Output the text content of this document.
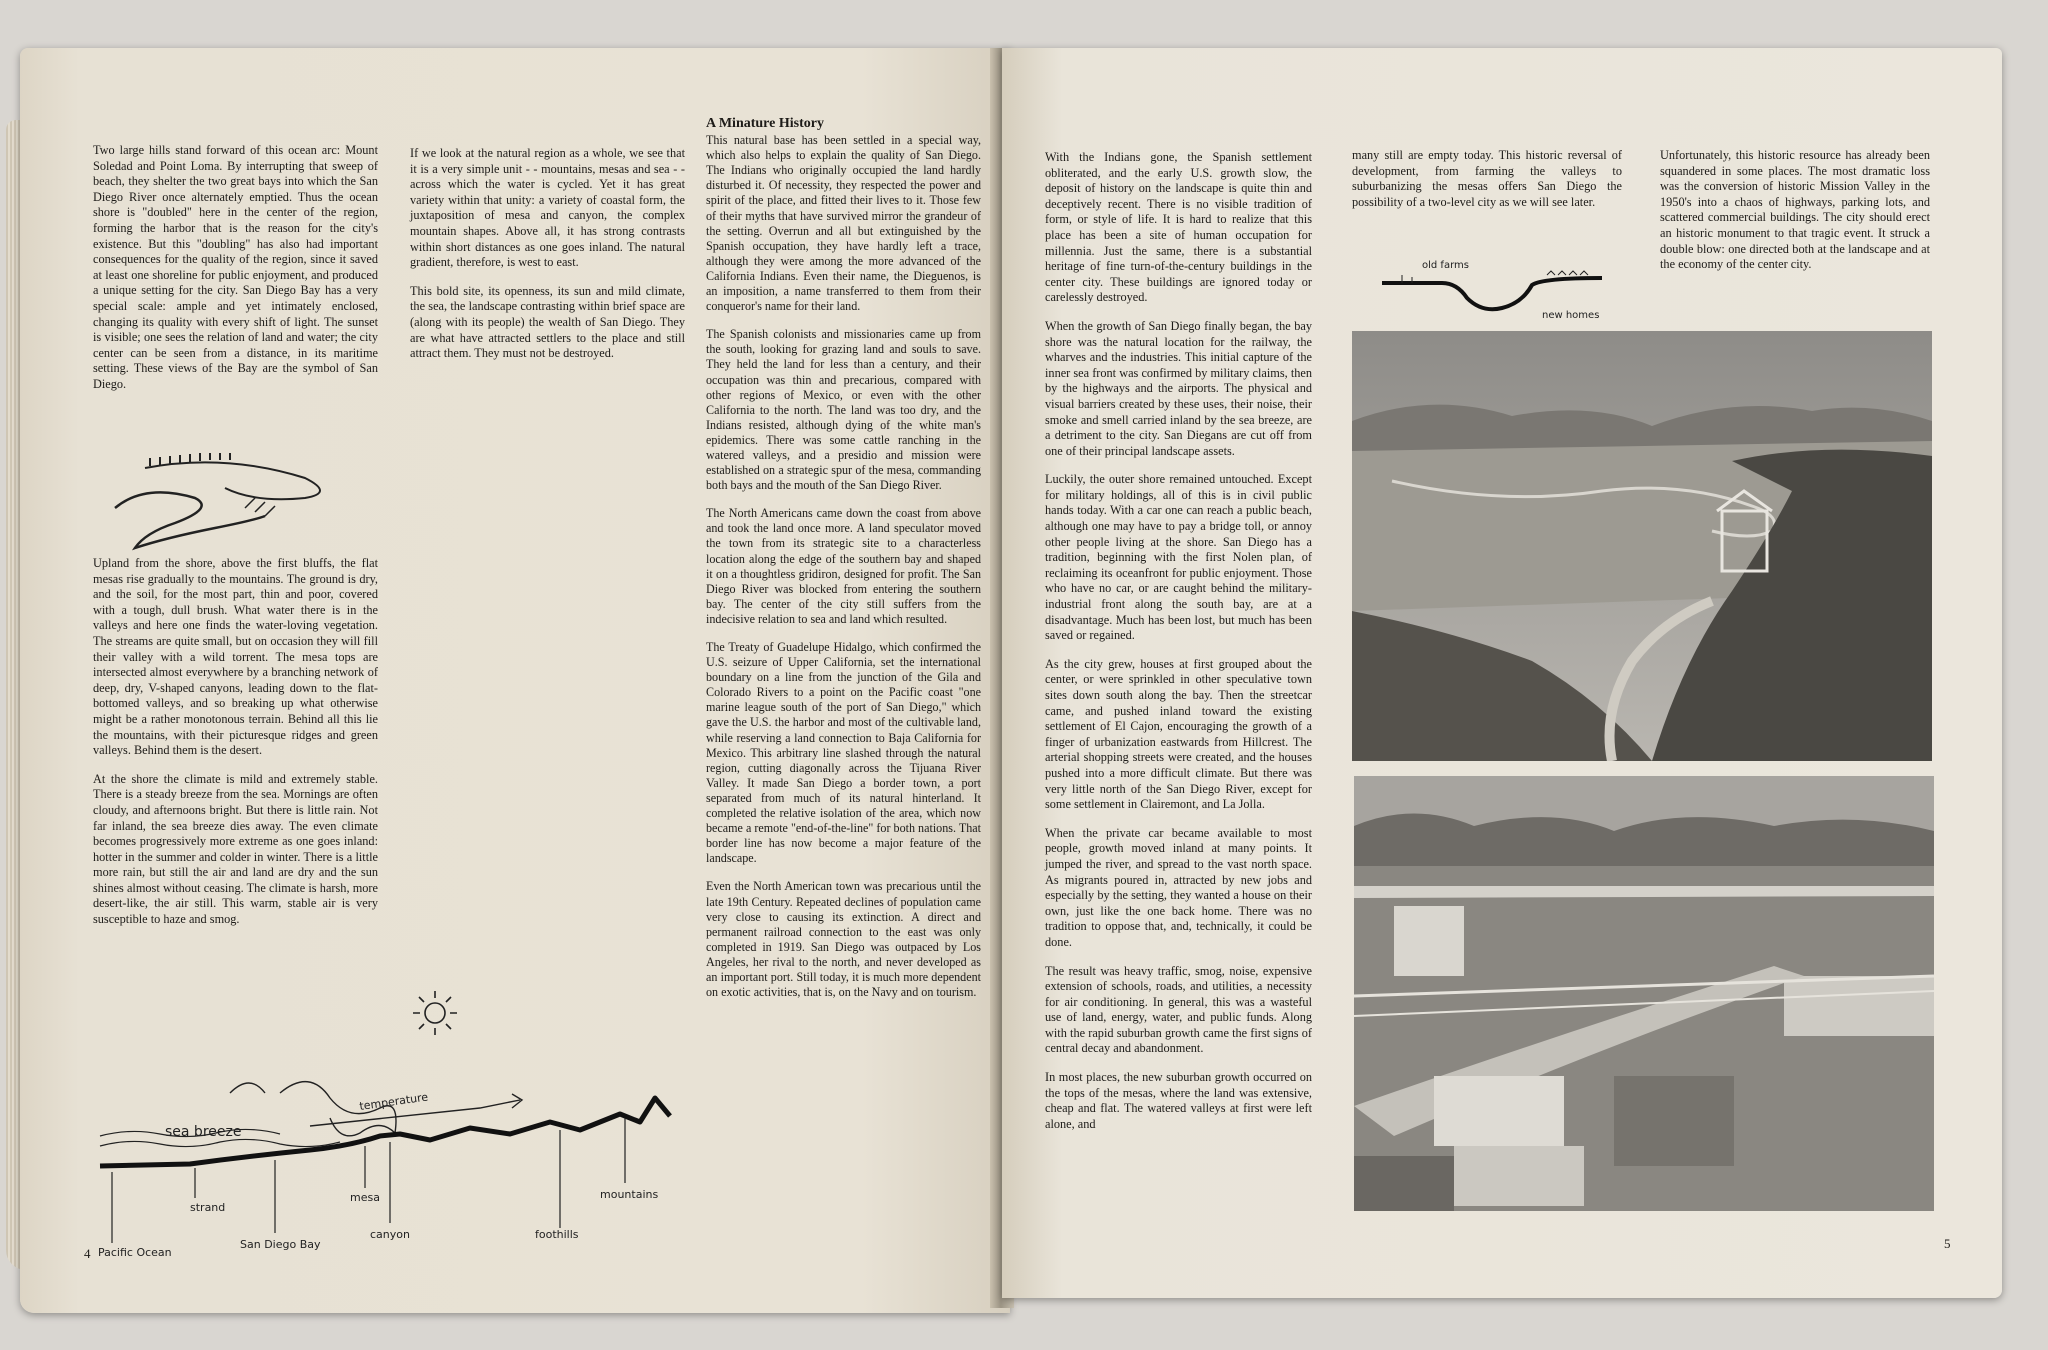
Two large hills stand forward of this ocean arc: Mount Soledad and Point Loma. By interrupting that sweep of beach, they shelter the two great bays into which the San Diego River once alternately emptied. Thus the ocean shore is "doubled" here in the center of the region, forming the harbor that is the reason for the city's existence. But this "doubling" has also had important consequences for the quality of the region, since it saved at least one shoreline for public enjoyment, and produced a unique setting for the city. San Diego Bay has a very special scale: ample and yet intimately enclosed, changing its quality with every shift of light. The sunset is visible; one sees the relation of land and water; the city center can be seen from a distance, in its maritime setting. These views of the Bay are the symbol of San Diego.

Upland from the shore, above the first bluffs, the flat mesas rise gradually to the mountains. The ground is dry, and the soil, for the most part, thin and poor, covered with a tough, dull brush. What water there is in the valleys and here one finds the water-loving vegetation. The streams are quite small, but on occasion they will fill their valley with a wild torrent. The mesa tops are intersected almost everywhere by a branching network of deep, dry, V-shaped canyons, leading down to the flat-bottomed valleys, and so breaking up what otherwise might be a rather monotonous terrain. Behind all this lie the mountains, with their picturesque ridges and green valleys. Behind them is the desert.

At the shore the climate is mild and extremely stable. There is a steady breeze from the sea. Mornings are often cloudy, and afternoons bright. But there is little rain. Not far inland, the sea breeze dies away. The even climate becomes progressively more extreme as one goes inland: hotter in the summer and colder in winter. There is a little more rain, but still the air and land are dry and the sun shines almost without ceasing. The climate is harsh, more desert-like, the air still. This warm, stable air is very susceptible to haze and smog.

If we look at the natural region as a whole, we see that it is a very simple unit - - mountains, mesas and sea - - across which the water is cycled. Yet it has great variety within that unity: a variety of coastal form, the juxtaposition of mesa and canyon, the complex mountain shapes. Above all, it has strong contrasts within short distances as one goes inland. The natural gradient, therefore, is west to east.

This bold site, its openness, its sun and mild climate, the sea, the landscape contrasting within brief space are (along with its people) the wealth of San Diego. They are what have attracted settlers to the place and still attract them. They must not be destroyed.

A Minature History

This natural base has been settled in a special way, which also helps to explain the quality of San Diego. The Indians who originally occupied the land hardly disturbed it. Of necessity, they respected the power and spirit of the place, and fitted their lives to it. Those few of their myths that have survived mirror the grandeur of the setting. Overrun and all but extinguished by the Spanish occupation, they have hardly left a trace, although they were among the more advanced of the California Indians. Even their name, the Dieguenos, is an imposition, a name transferred to them from their conqueror's name for their land.

The Spanish colonists and missionaries came up from the south, looking for grazing land and souls to save. They held the land for less than a century, and their occupation was thin and precarious, compared with other regions of Mexico, or even with the other California to the north. The land was too dry, and the Indians resisted, although dying of the white man's epidemics. There was some cattle ranching in the watered valleys, and a presidio and mission were established on a strategic spur of the mesa, commanding both bays and the mouth of the San Diego River.

The North Americans came down the coast from above and took the land once more. A land speculator moved the town from its strategic site to a characterless location along the edge of the southern bay and shaped it on a thoughtless gridiron, designed for profit. The San Diego River was blocked from entering the southern bay. The center of the city still suffers from the indecisive relation to sea and land which resulted.

The Treaty of Guadelupe Hidalgo, which confirmed the U.S. seizure of Upper California, set the international boundary on a line from the junction of the Gila and Colorado Rivers to a point on the Pacific coast "one marine league south of the port of San Diego," which gave the U.S. the harbor and most of the cultivable land, while reserving a land connection to Baja California for Mexico. This arbitrary line slashed through the natural region, cutting diagonally across the Tijuana River Valley. It made San Diego a border town, a port separated from much of its natural hinterland. It completed the relative isolation of the area, which now became a remote "end-of-the-line" for both nations. That border line has now become a major feature of the landscape.

Even the North American town was precarious until the late 19th Century. Repeated declines of population came very close to causing its extinction. A direct and permanent railroad connection to the east was only completed in 1919. San Diego was outpaced by Los Angeles, her rival to the north, and never developed as an important port. Still today, it is much more dependent on exotic activities, that is, on the Navy and on tourism.

temperature
sea breeze
strand
mesa	mountains
Pacific Ocean
San Diego Bay
canyon	foothills
4

With the Indians gone, the Spanish settlement obliterated, and the early U.S. growth slow, the deposit of history on the landscape is quite thin and deceptively recent. There is no visible tradition of form, or style of life. It is hard to realize that this place has been a site of human occupation for millennia. Just the same, there is a substantial heritage of fine turn-of-the-century buildings in the center city. These buildings are ignored today or carelessly destroyed.

When the growth of San Diego finally began, the bay shore was the natural location for the railway, the wharves and the industries. This initial capture of the inner sea front was confirmed by military claims, then by the highways and the airports. The physical and visual barriers created by these uses, their noise, their smoke and smell carried inland by the sea breeze, are a detriment to the city. San Diegans are cut off from one of their principal landscape assets.

Luckily, the outer shore remained untouched. Except for military holdings, all of this is in civil public hands today. With a car one can reach a public beach, although one may have to pay a bridge toll, or annoy other people living at the shore. San Diego has a tradition, beginning with the first Nolen plan, of reclaiming its oceanfront for public enjoyment. Those who have no car, or are caught behind the military-industrial front along the south bay, are at a disadvantage. Much has been lost, but much has been saved or regained.

As the city grew, houses at first grouped about the center, or were sprinkled in other speculative town sites down south along the bay. Then the streetcar came, and pushed inland toward the existing settlement of El Cajon, encouraging the growth of a finger of urbanization eastwards from Hillcrest. The arterial shopping streets were created, and the houses pushed into a more difficult climate. But there was very little north of the San Diego River, except for some settlement in Clairemont, and La Jolla.

When the private car became available to most people, growth moved inland at many points. It jumped the river, and spread to the vast north space. As migrants poured in, attracted by new jobs and especially by the setting, they wanted a house on their own, just like the one back home. There was no tradition to oppose that, and, technically, it could be done.

The result was heavy traffic, smog, noise, expensive extension of schools, roads, and utilities, a necessity for air conditioning. In general, this was a wasteful use of land, energy, water, and public funds. Along with the rapid suburban growth came the first signs of central decay and abandonment.

In most places, the new suburban growth occurred on the tops of the mesas, where the land was extensive, cheap and flat. The watered valleys at first were left alone, and

many still are empty today. This historic reversal of development, from farming the valleys to suburbanizing the mesas offers San Diego the possibility of a two-level city as we will see later.

Unfortunately, this historic resource has already been squandered in some places. The most dramatic loss was the conversion of historic Mission Valley in the 1950's into a chaos of highways, parking lots, and scattered commercial buildings. The city should erect an historic monument to that tragic event. It struck a double blow: one directed both at the landscape and at the economy of the center city.

old farms
new homes
5
